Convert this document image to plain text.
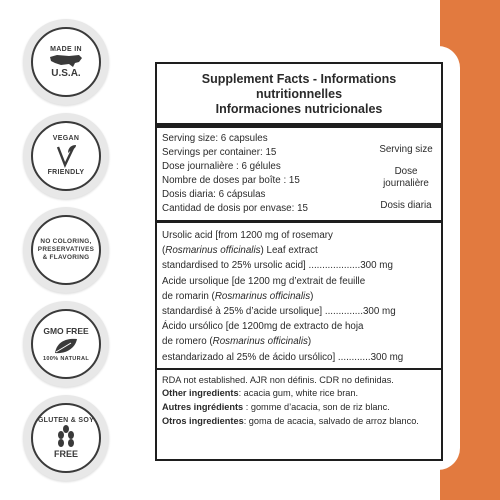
MADE IN
U.S.A.
VEGAN
FRIENDLY
NO COLORING,
PRESERVATIVES
& FLAVORING
GMO FREE
100% NATURAL
GLUTEN & SOY
FREE
Supplement Facts - Informations nutritionnelles
Informaciones nutricionales
Serving size: 6 capsules
Servings per container: 15
Dose journalière : 6 gélules
Nombre de doses par boîte : 15
Dosis diaria: 6 cápsulas
Cantidad de dosis por envase: 15
Serving size
Dose journalière
Dosis diaria
Ursolic acid [from 1200 mg of rosemary
(Rosmarinus officinalis) Leaf extract
standardised to 25% ursolic acid] ...................300 mg
Acide ursolique [de 1200 mg d’extrait de feuille
de romarin (Rosmarinus officinalis)
standardisé à 25% d’acide ursolique] ..............300 mg
Ácido ursólico [de 1200mg de extracto de hoja
de romero (Rosmarinus officinalis)
estandarizado al 25% de ácido ursólico] ............300 mg
RDA not established. AJR non définis. CDR no definidas.
Other ingredients: acacia gum, white rice bran.
Autres ingrédients : gomme d’acacia, son de riz blanc.
Otros ingredientes: goma de acacia, salvado de arroz blanco.
